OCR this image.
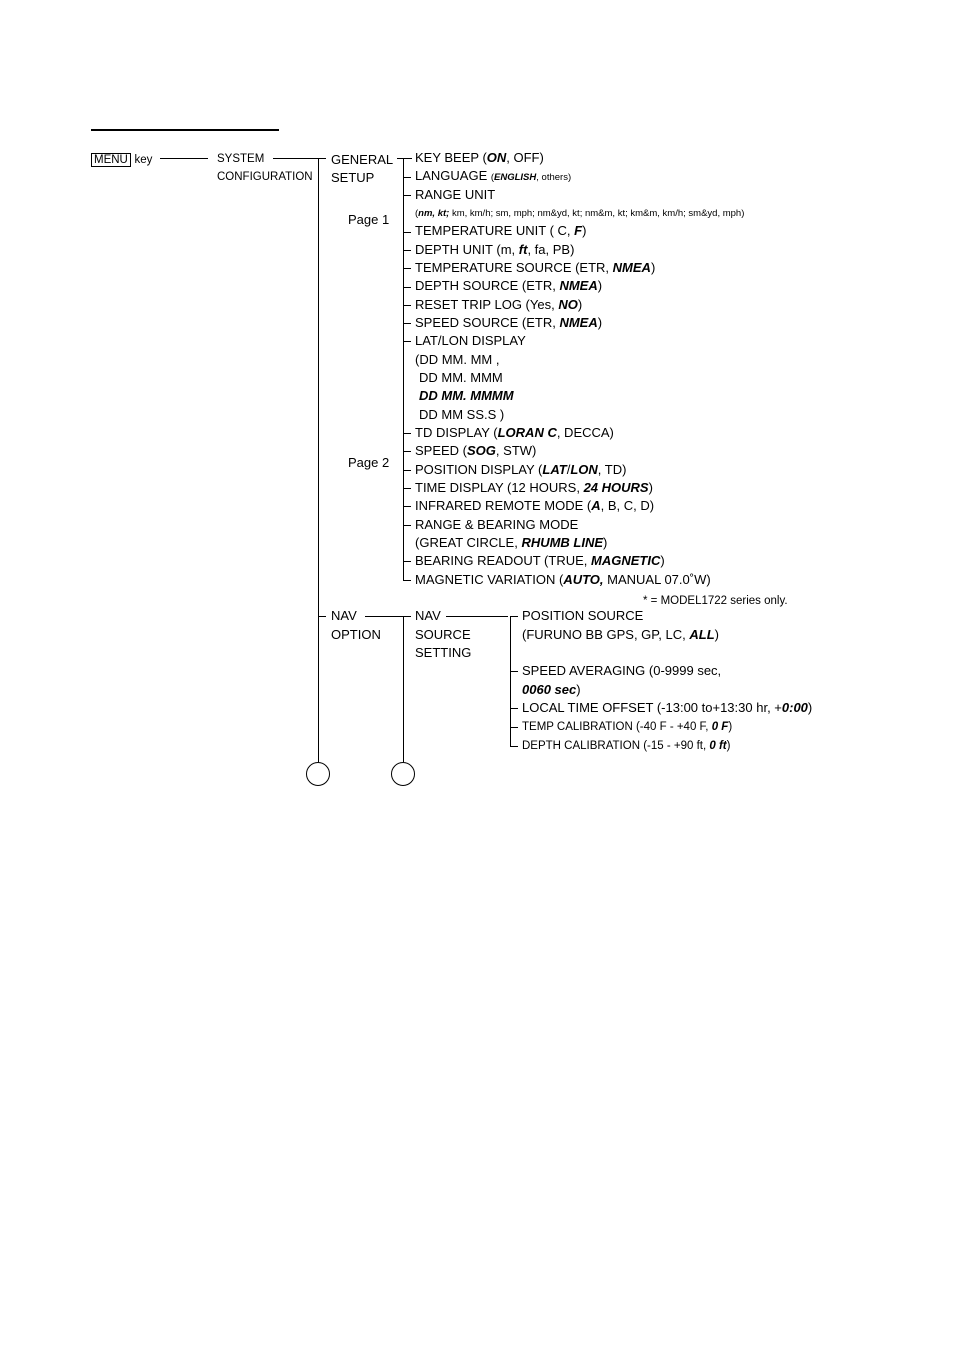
MENU key	SYSTEM
CONFIGURATION
GENERAL
SETUP
Page 1
Page 2
KEY BEEP (ON, OFF)
LANGUAGE (ENGLISH, others)
RANGE UNIT
(nm, kt; km, km/h; sm, mph; nm&yd, kt; nm&m, kt; km&m, km/h; sm&yd, mph)
TEMPERATURE UNIT ( C, F)
DEPTH UNIT (m, ft, fa, PB)
TEMPERATURE SOURCE (ETR, NMEA)
DEPTH SOURCE (ETR, NMEA)
RESET TRIP LOG (Yes, NO)
SPEED SOURCE (ETR, NMEA)
LAT/LON DISPLAY
(DD MM. MM ,
DD MM. MMM
DD MM. MMMM
DD MM SS.S )
TD DISPLAY (LORAN C, DECCA)
SPEED (SOG, STW)
POSITION DISPLAY (LAT/LON, TD)
TIME DISPLAY (12 HOURS, 24 HOURS)
INFRARED REMOTE MODE (A, B, C, D)
RANGE & BEARING MODE
(GREAT CIRCLE, RHUMB LINE)
BEARING READOUT (TRUE, MAGNETIC)
MAGNETIC VARIATION (AUTO, MANUAL 07.0˚W)
* = MODEL1722 series only.
NAV
OPTION
NAV
SOURCE
SETTING
POSITION SOURCE
(FURUNO BB GPS, GP, LC, ALL)
SPEED AVERAGING (0-9999 sec,
0060 sec)
LOCAL TIME OFFSET (-13:00 to+13:30 hr, +0:00)
TEMP CALIBRATION (-40 F - +40 F, 0 F)
DEPTH CALIBRATION (-15 - +90 ft, 0 ft)
